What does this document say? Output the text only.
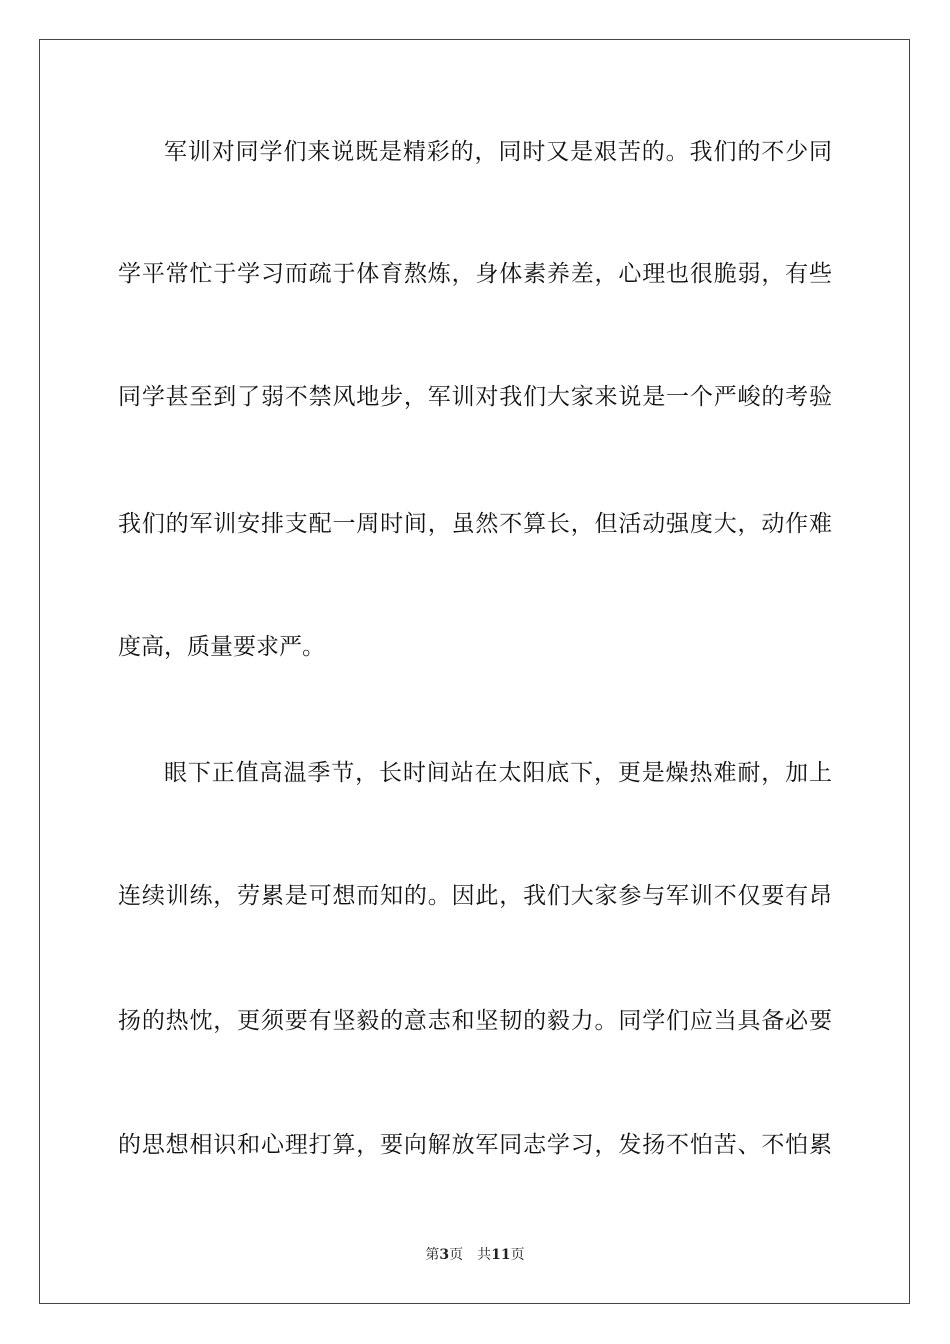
军训对同学们来说既是精彩的，同时又是艰苦的。我们的不少同
学平常忙于学习而疏于体育熬炼，身体素养差，心理也很脆弱，有些
同学甚至到了弱不禁风地步，军训对我们大家来说是一个严峻的考验
我们的军训安排支配一周时间，虽然不算长，但活动强度大，动作难
度高，质量要求严。
眼下正值高温季节，长时间站在太阳底下，更是燥热难耐，加上
连续训练，劳累是可想而知的。因此，我们大家参与军训不仅要有昂
扬的热忱，更须要有坚毅的意志和坚韧的毅力。同学们应当具备必要
的思想相识和心理打算，要向解放军同志学习，发扬不怕苦、不怕累
第3页 共11页
